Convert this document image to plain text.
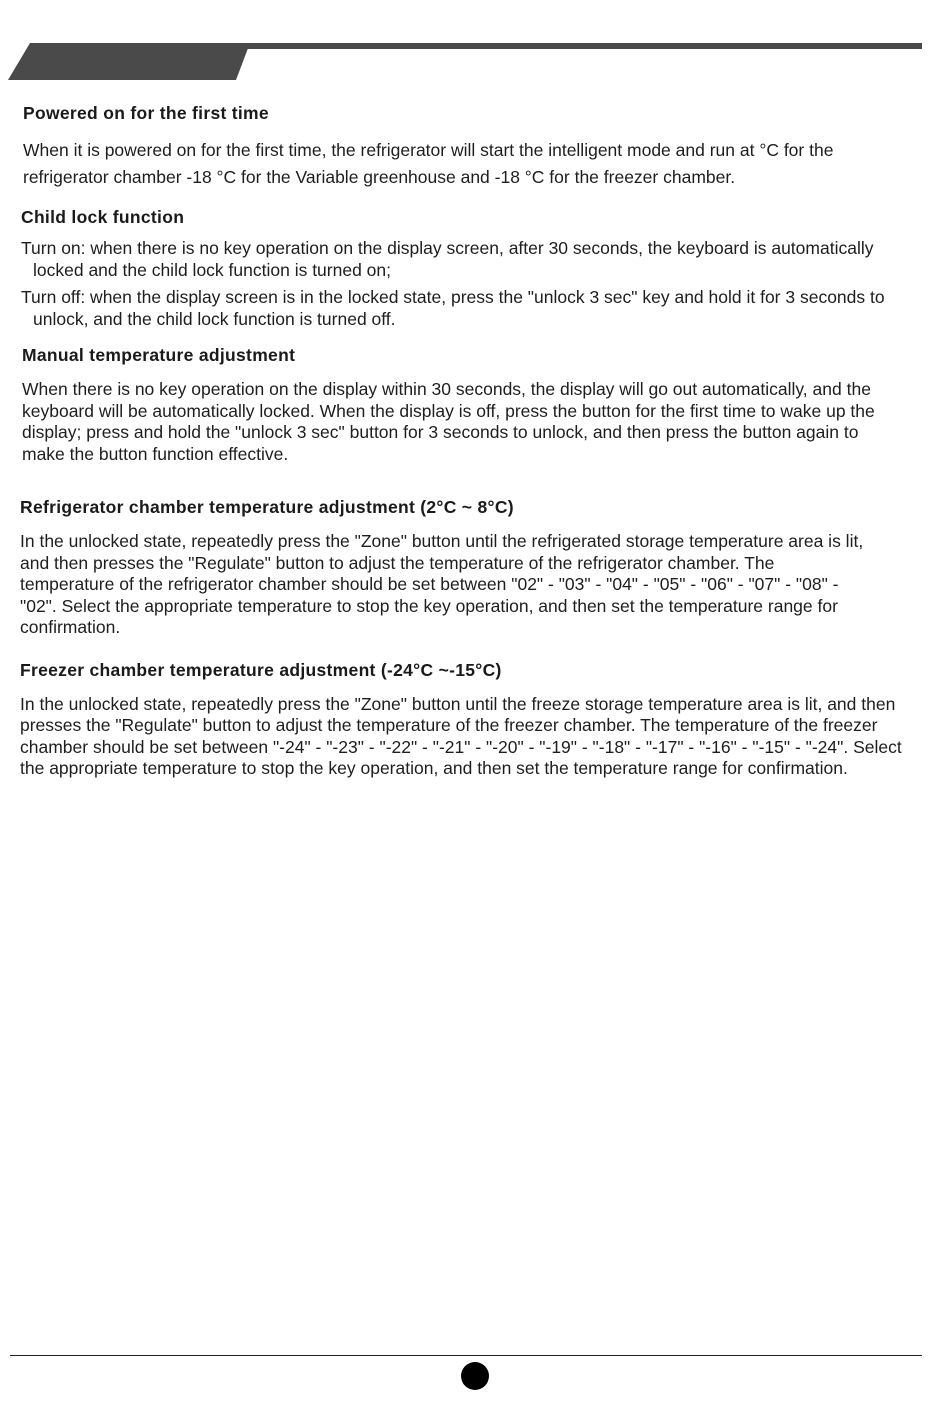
Powered on for the first time

When it is powered on for the first time, the refrigerator will start the intelligent mode and run at °C for the refrigerator chamber -18 °C for the Variable greenhouse and -18 °C for the freezer chamber.

Child lock function

Turn on: when there is no key operation on the display screen, after 30 seconds, the keyboard is automatically locked and the child lock function is turned on;

Turn off: when the display screen is in the locked state, press the "unlock 3 sec" key and hold it for 3 seconds to unlock, and the child lock function is turned off.

Manual temperature adjustment

When there is no key operation on the display within 30 seconds, the display will go out automatically, and the keyboard will be automatically locked. When the display is off, press the button for the first time to wake up the display; press and hold the "unlock 3 sec" button for 3 seconds to unlock, and then press the button again to make the button function effective.

Refrigerator chamber temperature adjustment (2°C ~ 8°C)

In the unlocked state, repeatedly press the "Zone" button until the refrigerated storage temperature area is lit, and then presses the "Regulate" button to adjust the temperature of the refrigerator chamber. The temperature of the refrigerator chamber should be set between "02" - "03" - "04" - "05" - "06" - "07" - "08" - "02". Select the appropriate temperature to stop the key operation, and then set the temperature range for confirmation.

Freezer chamber temperature adjustment (-24°C ~-15°C)

In the unlocked state, repeatedly press the "Zone" button until the freeze storage temperature area is lit, and then presses the "Regulate" button to adjust the temperature of the freezer chamber. The temperature of the freezer chamber should be set between "-24" - "-23" - "-22" - "-21" - "-20" - "-19" - "-18" - "-17" - "-16" - "-15" - "-24". Select the appropriate temperature to stop the key operation, and then set the temperature range for confirmation.
